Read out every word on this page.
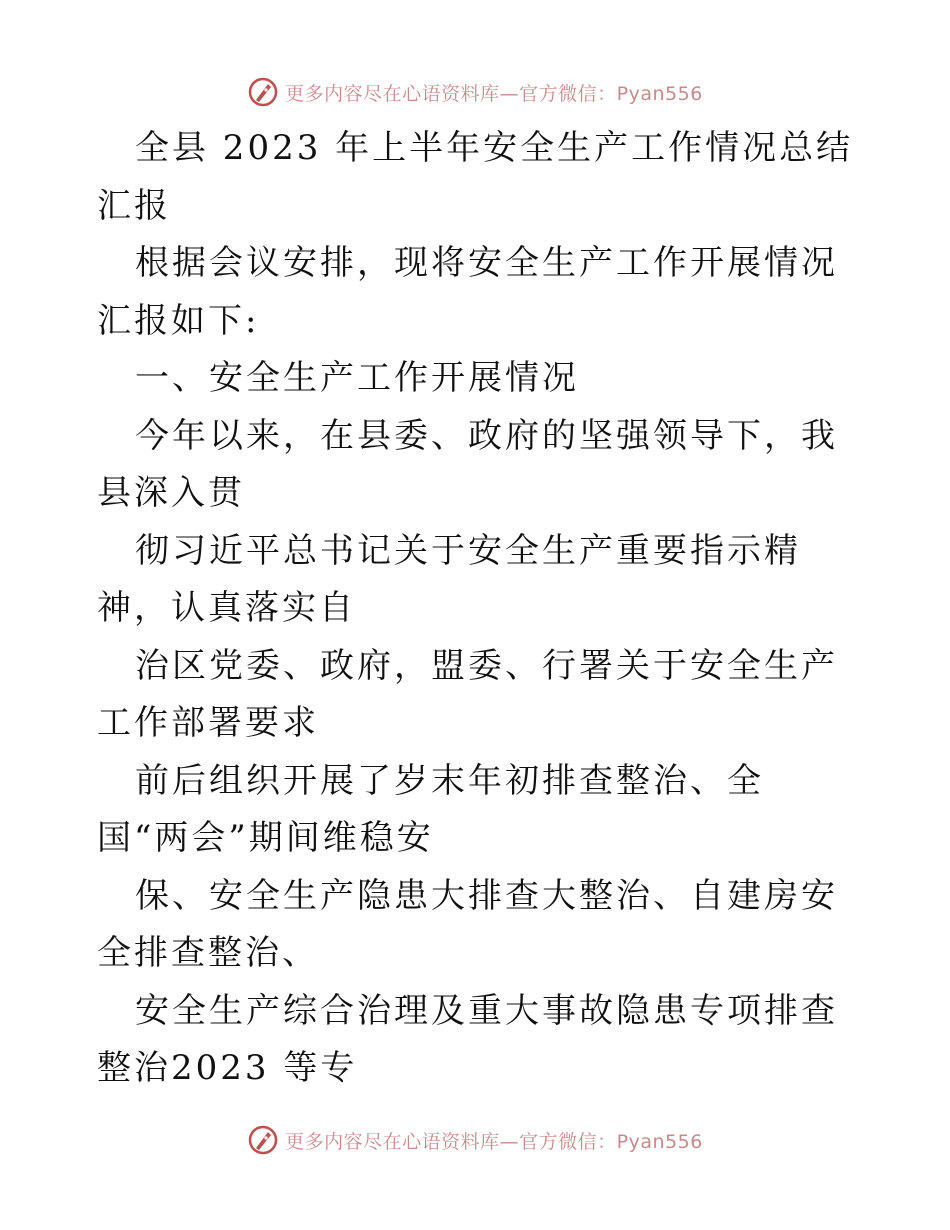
更多内容尽在心语资料库—官方微信：Pyan556

全县 2023 年上半年安全生产工作情况总结汇报

根据会议安排，现将安全生产工作开展情况汇报如下:

一、安全生产工作开展情况

今年以来，在县委、政府的坚强领导下，我县深入贯

彻习近平总书记关于安全生产重要指示精神，认真落实自

治区党委、政府，盟委、行署关于安全生产工作部署要求

前后组织开展了岁末年初排查整治、全国“两会”期间维稳安

保、安全生产隐患大排查大整治、自建房安全排查整治、

安全生产综合治理及重大事故隐患专项排查整治2023 等专

更多内容尽在心语资料库—官方微信：Pyan556
